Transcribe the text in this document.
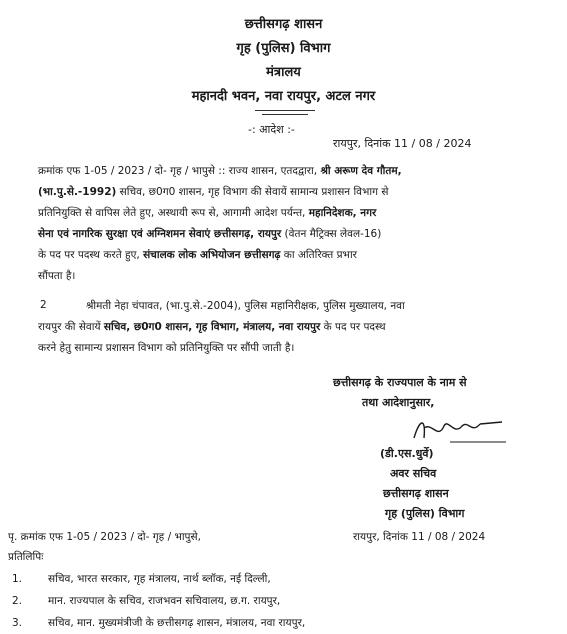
छत्तीसगढ़ शासन
गृह (पुलिस) विभाग
मंत्रालय
महानदी भवन, नवा रायपुर, अटल नगर
-: आदेश :-
रायपुर, दिनांक 11 / 08 / 2024
क्रमांक एफ 1-05 / 2023 / दो- गृह / भापुसे :: राज्य शासन, एतदद्वारा, श्री अरूण देव गौतम,
(भा.पु.से.-1992) सचिव, छ0ग0 शासन, गृह विभाग की सेवायें सामान्य प्रशासन विभाग से
प्रतिनियुक्ति से वापिस लेते हुए, अस्थायी रूप से, आगामी आदेश पर्यन्त, महानिदेशक, नगर
सेना एवं नागरिक सुरक्षा एवं अग्निशमन सेवाएं छत्तीसगढ़, रायपुर (वेतन मैट्रिक्स लेवल-16)
के पद पर पदस्थ करते हुए, संचालक लोक अभियोजन छत्तीसगढ़ का अतिरिक्त प्रभार
सौंपता है।
2	श्रीमती नेहा चंपावत, (भा.पु.से.-2004), पुलिस महानिरीक्षक, पुलिस मुख्यालय, नवा
रायपुर की सेवायें सचिव, छ0ग0 शासन, गृह विभाग, मंत्रालय, नवा रायपुर के पद पर पदस्थ
करने हेतु सामान्य प्रशासन विभाग को प्रतिनियुक्ति पर सौंपी जाती है।
छत्तीसगढ़ के राज्यपाल के नाम से
तथा आदेशानुसार,
(डी.एस.धुर्वे)
अवर सचिव
छत्तीसगढ़ शासन
गृह (पुलिस) विभाग
पृ. क्रमांक एफ 1-05 / 2023 / दो- गृह / भापुसे,	रायपुर, दिनांक 11 / 08 / 2024
प्रतिलिपिः
1. सचिव, भारत सरकार, गृह मंत्रालय, नार्थ ब्लॉक, नई दिल्ली,
2. मान. राज्यपाल के सचिव, राजभवन सचिवालय, छ.ग. रायपुर,
3. सचिव, मान. मुख्यमंत्रीजी के छत्तीसगढ़ शासन, मंत्रालय, नवा रायपुर,
